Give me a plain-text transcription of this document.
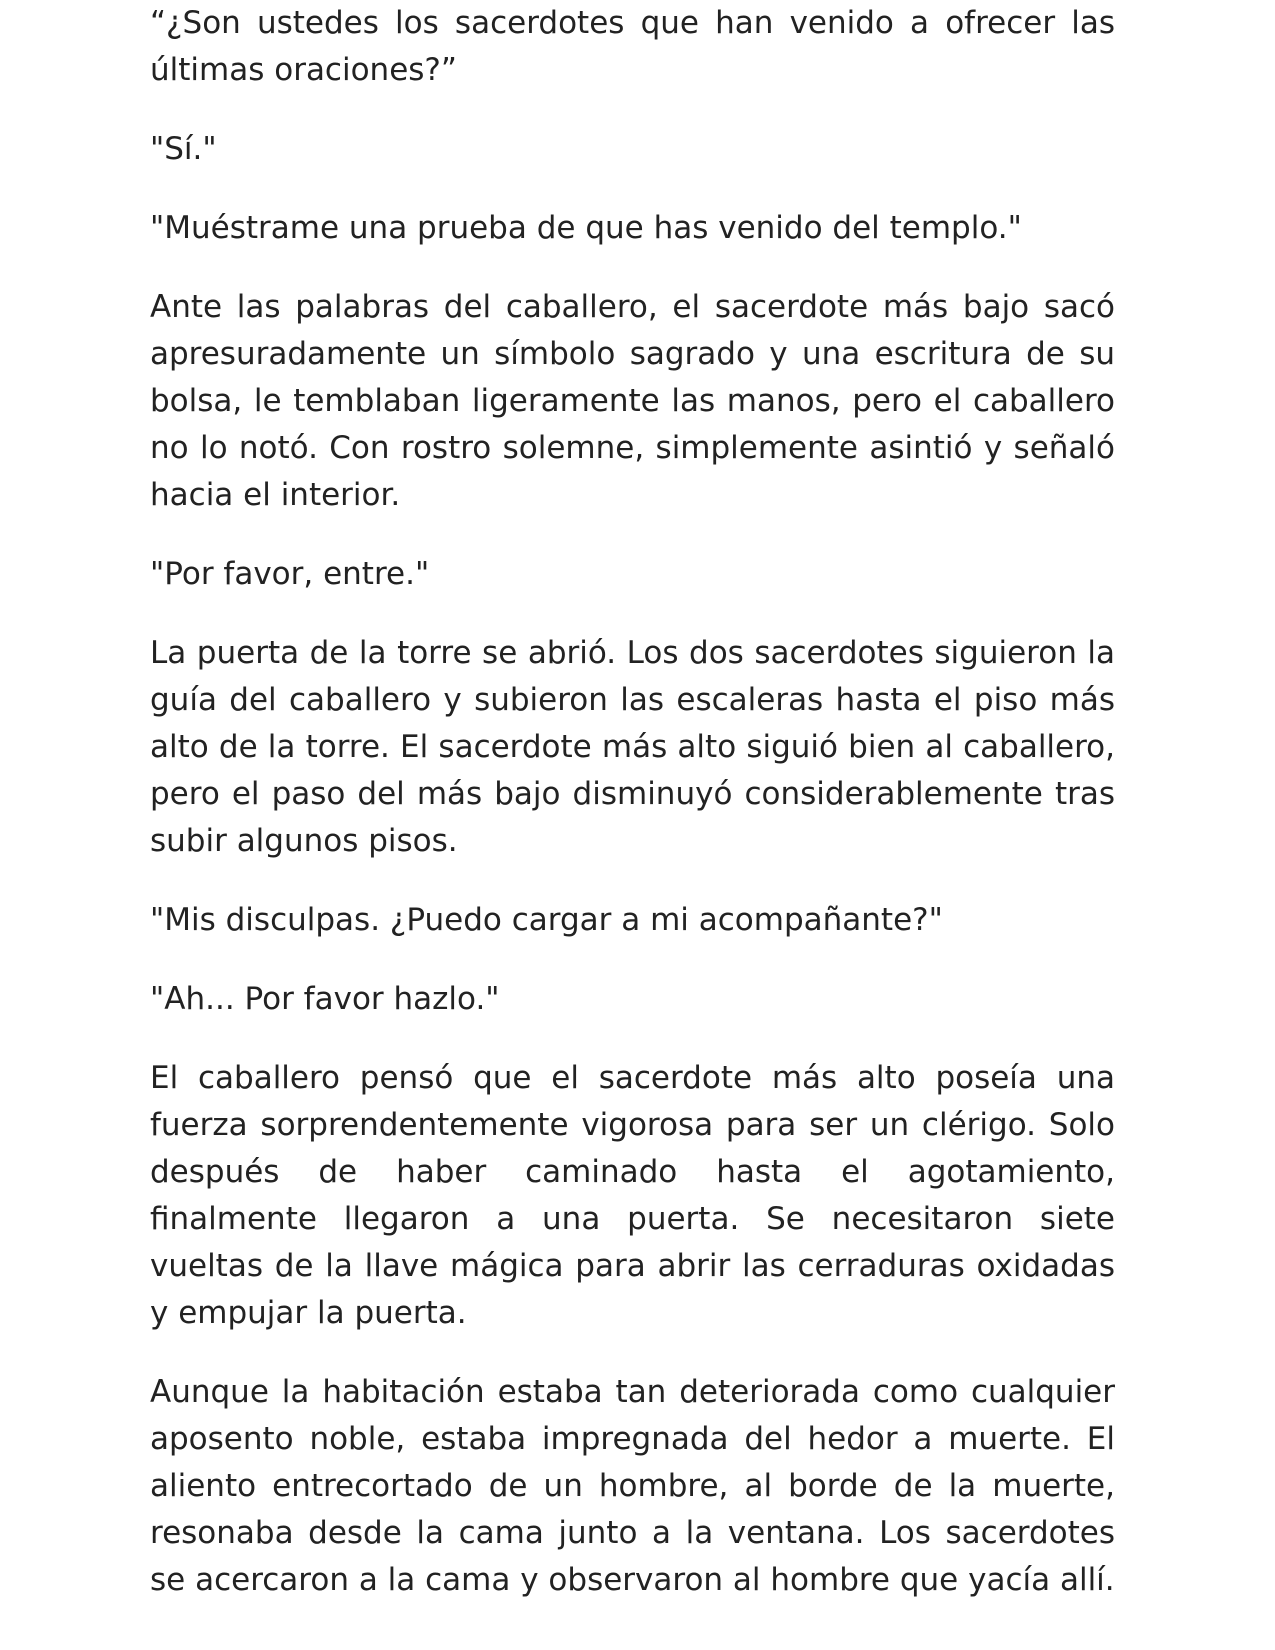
“¿Son ustedes los sacerdotes que han venido a ofrecer las últimas oraciones?”

"Sí."

"Muéstrame una prueba de que has venido del templo."

Ante las palabras del caballero, el sacerdote más bajo sacó apresuradamente un símbolo sagrado y una escritura de su bolsa, le temblaban ligeramente las manos, pero el caballero no lo notó. Con rostro solemne, simplemente asintió y señaló hacia el interior.

"Por favor, entre."

La puerta de la torre se abrió. Los dos sacerdotes siguieron la guía del caballero y subieron las escaleras hasta el piso más alto de la torre. El sacerdote más alto siguió bien al caballero, pero el paso del más bajo disminuyó considerablemente tras subir algunos pisos.

"Mis disculpas. ¿Puedo cargar a mi acompañante?"

"Ah... Por favor hazlo."

El caballero pensó que el sacerdote más alto poseía una fuerza sorprendentemente vigorosa para ser un clérigo. Solo después de haber caminado hasta el agotamiento, finalmente llegaron a una puerta. Se necesitaron siete vueltas de la llave mágica para abrir las cerraduras oxidadas y empujar la puerta.

Aunque la habitación estaba tan deteriorada como cualquier aposento noble, estaba impregnada del hedor a muerte. El aliento entrecortado de un hombre, al borde de la muerte, resonaba desde la cama junto a la ventana. Los sacerdotes se acercaron a la cama y observaron al hombre que yacía allí.
